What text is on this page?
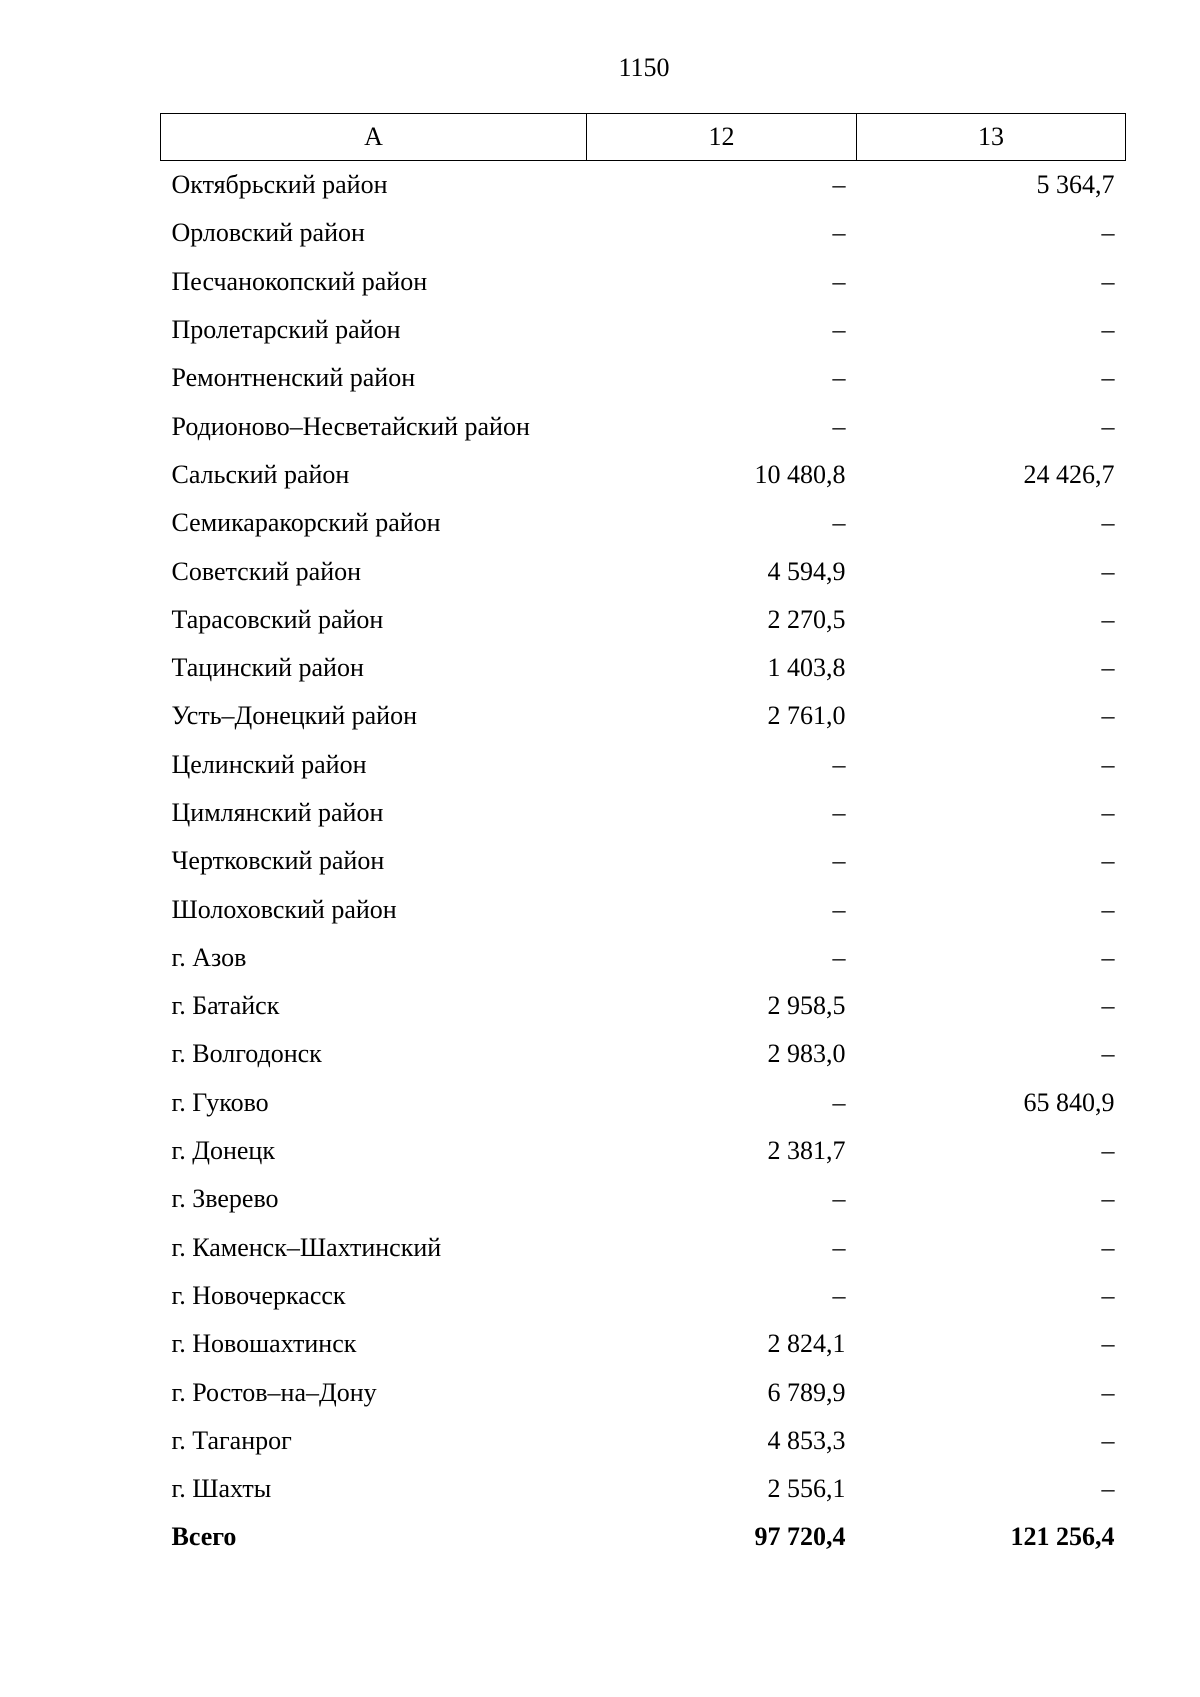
1150
А	12	13
Октябрьский район	–	5 364,7
Орловский район	–	–
Песчанокопский район	–	–
Пролетарский район	–	–
Ремонтненский район	–	–
Родионово–Несветайский район	–	–
Сальский район	10 480,8	24 426,7
Семикаракорский район	–	–
Советский район	4 594,9	–
Тарасовский район	2 270,5	–
Тацинский район	1 403,8	–
Усть–Донецкий район	2 761,0	–
Целинский район	–	–
Цимлянский район	–	–
Чертковский район	–	–
Шолоховский район	–	–
г. Азов	–	–
г. Батайск	2 958,5	–
г. Волгодонск	2 983,0	–
г. Гуково	–	65 840,9
г. Донецк	2 381,7	–
г. Зверево	–	–
г. Каменск–Шахтинский	–	–
г. Новочеркасск	–	–
г. Новошахтинск	2 824,1	–
г. Ростов–на–Дону	6 789,9	–
г. Таганрог	4 853,3	–
г. Шахты	2 556,1	–
Всего	97 720,4	121 256,4
